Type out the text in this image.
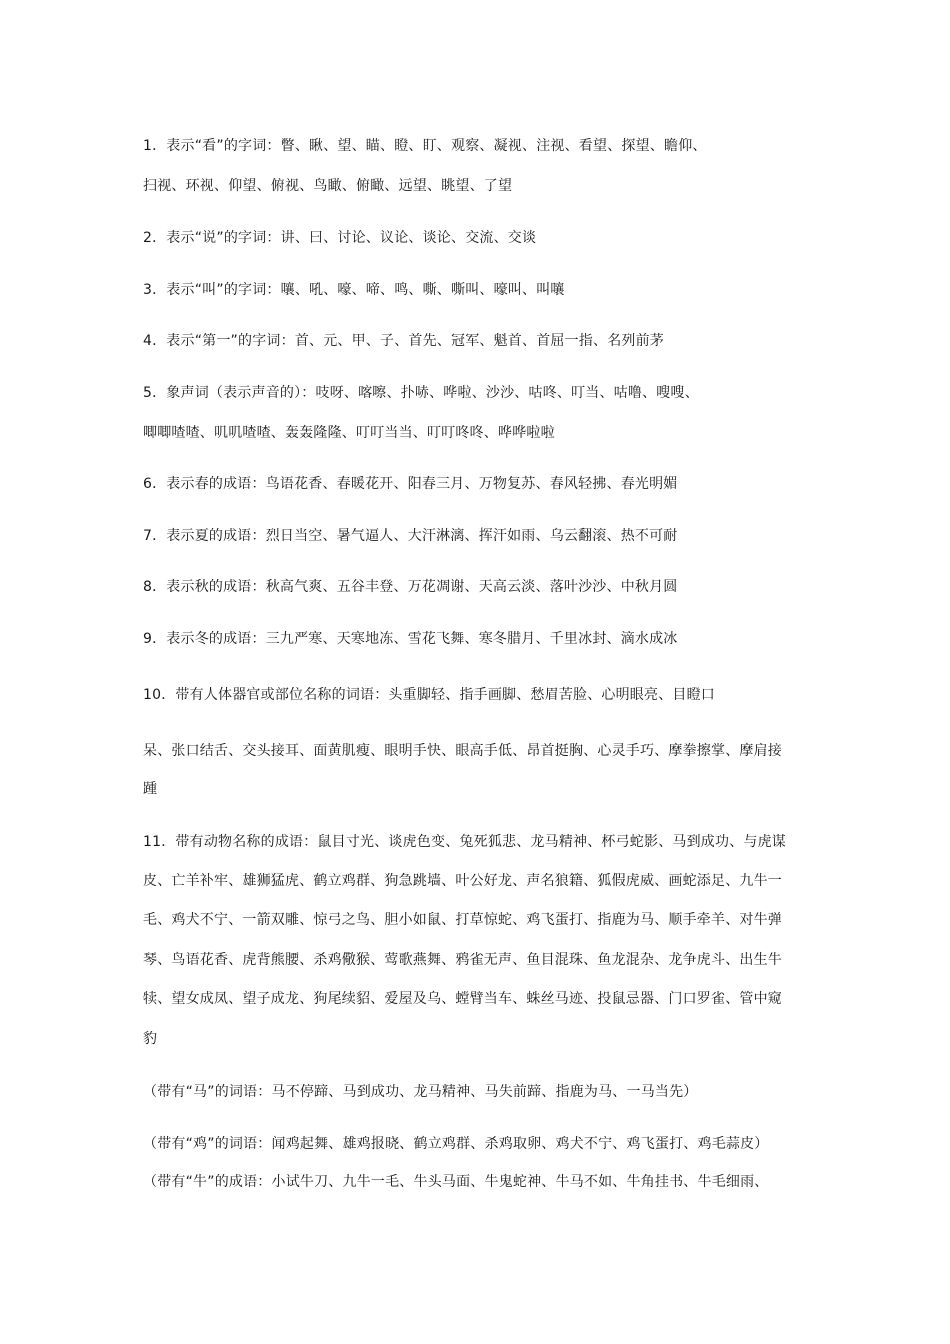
1．表示“看”的字词：瞥、瞅、望、瞄、瞪、盯、观察、凝视、注视、看望、探望、瞻仰、
扫视、环视、仰望、俯视、鸟瞰、俯瞰、远望、眺望、了望
2．表示“说”的字词：讲、曰、讨论、议论、谈论、交流、交谈
3．表示“叫”的字词：嚷、吼、嚎、啼、鸣、嘶、嘶叫、嚎叫、叫嚷
4．表示“第一”的字词：首、元、甲、子、首先、冠军、魁首、首屈一指、名列前茅
5．象声词（表示声音的）：吱呀、喀嚓、扑哧、哗啦、沙沙、咕咚、叮当、咕噜、嗖嗖、
唧唧喳喳、叽叽喳喳、轰轰隆隆、叮叮当当、叮叮咚咚、哗哗啦啦
6．表示春的成语：鸟语花香、春暖花开、阳春三月、万物复苏、春风轻拂、春光明媚
7．表示夏的成语：烈日当空、暑气逼人、大汗淋漓、挥汗如雨、乌云翻滚、热不可耐
8．表示秋的成语：秋高气爽、五谷丰登、万花凋谢、天高云淡、落叶沙沙、中秋月圆
9．表示冬的成语：三九严寒、天寒地冻、雪花飞舞、寒冬腊月、千里冰封、滴水成冰
10．带有人体器官或部位名称的词语：头重脚轻、指手画脚、愁眉苦脸、心明眼亮、目瞪口
呆、张口结舌、交头接耳、面黄肌瘦、眼明手快、眼高手低、昂首挺胸、心灵手巧、摩拳擦掌、摩肩接
踵
11．带有动物名称的成语：鼠目寸光、谈虎色变、兔死狐悲、龙马精神、杯弓蛇影、马到成功、与虎谋
皮、亡羊补牢、雄狮猛虎、鹤立鸡群、狗急跳墙、叶公好龙、声名狼籍、狐假虎威、画蛇添足、九牛一
毛、鸡犬不宁、一箭双雕、惊弓之鸟、胆小如鼠、打草惊蛇、鸡飞蛋打、指鹿为马、顺手牵羊、对牛弹
琴、鸟语花香、虎背熊腰、杀鸡儆猴、莺歌燕舞、鸦雀无声、鱼目混珠、鱼龙混杂、龙争虎斗、出生牛
犊、望女成凤、望子成龙、狗尾续貂、爱屋及乌、螳臂当车、蛛丝马迹、投鼠忌器、门口罗雀、管中窥
豹
（带有“马”的词语：马不停蹄、马到成功、龙马精神、马失前蹄、指鹿为马、一马当先）
（带有“鸡”的词语：闻鸡起舞、雄鸡报晓、鹤立鸡群、杀鸡取卵、鸡犬不宁、鸡飞蛋打、鸡毛蒜皮）
（带有“牛”的成语：小试牛刀、九牛一毛、牛头马面、牛鬼蛇神、牛马不如、牛角挂书、牛毛细雨、
